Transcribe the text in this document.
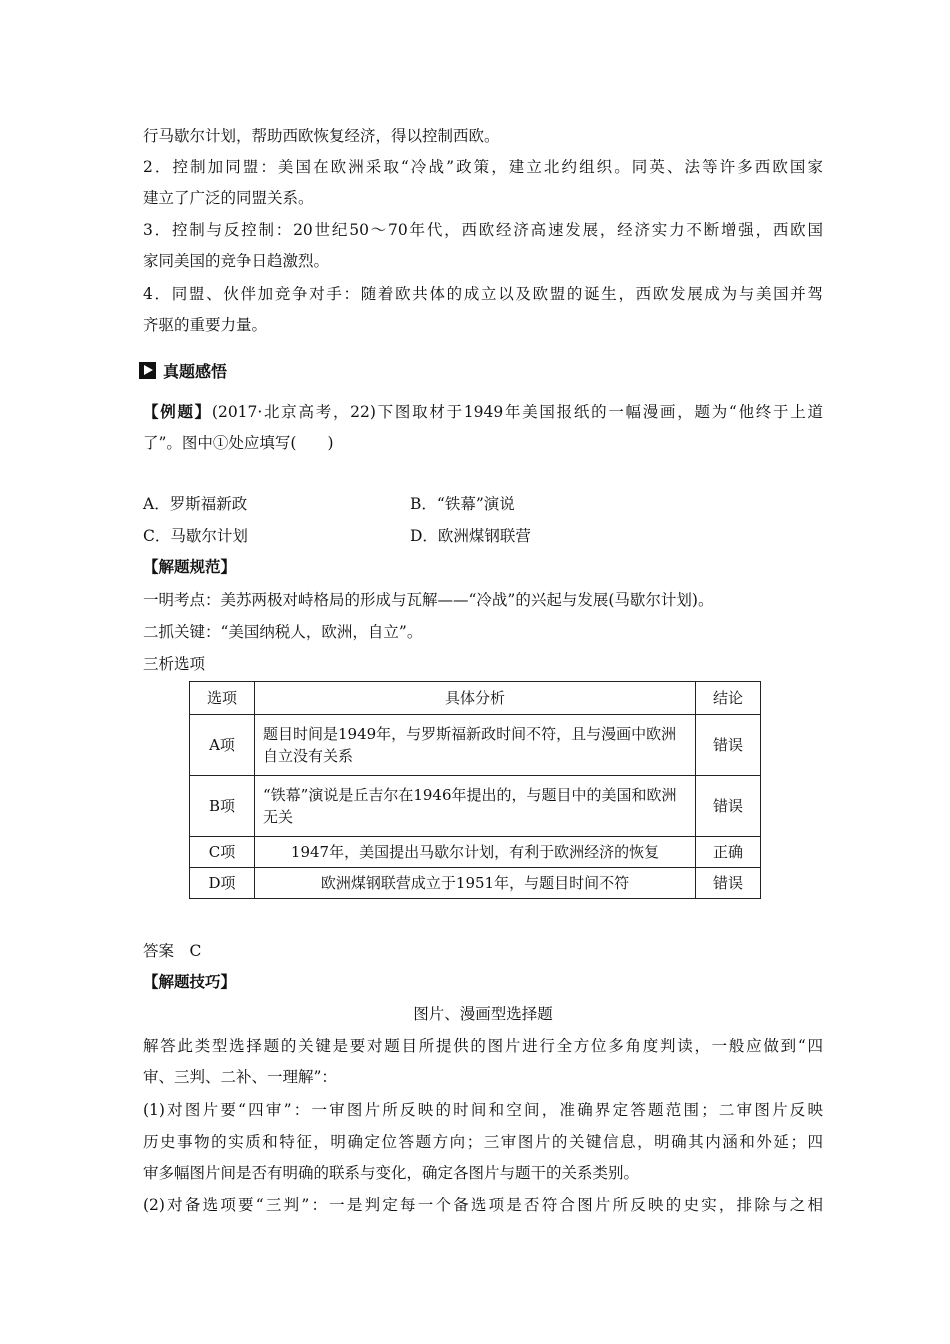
行马歇尔计划，帮助西欧恢复经济，得以控制西欧。
2．控制加同盟：美国在欧洲采取“冷战”政策，建立北约组织。同英、法等许多西欧国家
建立了广泛的同盟关系。
3．控制与反控制：20世纪50～70年代，西欧经济高速发展，经济实力不断增强，西欧国
家同美国的竞争日趋激烈。
4．同盟、伙伴加竞争对手：随着欧共体的成立以及欧盟的诞生，西欧发展成为与美国并驾
齐驱的重要力量。
真题感悟
【例题】(2017·北京高考，22)下图取材于1949年美国报纸的一幅漫画，题为“他终于上道
了”。图中①处应填写(　　)
A．罗斯福新政	B．“铁幕”演说
C．马歇尔计划	D．欧洲煤钢联营
【解题规范】
一明考点：美苏两极对峙格局的形成与瓦解——“冷战”的兴起与发展(马歇尔计划)。
二抓关键：“美国纳税人，欧洲，自立”。
三析选项
选项	具体分析	结论
A项	题目时间是1949年，与罗斯福新政时间不符，且与漫画中欧洲自立没有关系	错误
B项	“铁幕”演说是丘吉尔在1946年提出的，与题目中的美国和欧洲无关	错误
C项	1947年，美国提出马歇尔计划，有利于欧洲经济的恢复	正确
D项	欧洲煤钢联营成立于1951年，与题目时间不符	错误
答案　C
【解题技巧】
图片、漫画型选择题
解答此类型选择题的关键是要对题目所提供的图片进行全方位多角度判读，一般应做到“四
审、三判、二补、一理解”：
(1)对图片要“四审”：一审图片所反映的时间和空间，准确界定答题范围；二审图片反映
历史事物的实质和特征，明确定位答题方向；三审图片的关键信息，明确其内涵和外延；四
审多幅图片间是否有明确的联系与变化，确定各图片与题干的关系类别。
(2)对备选项要“三判”：一是判定每一个备选项是否符合图片所反映的史实，排除与之相
